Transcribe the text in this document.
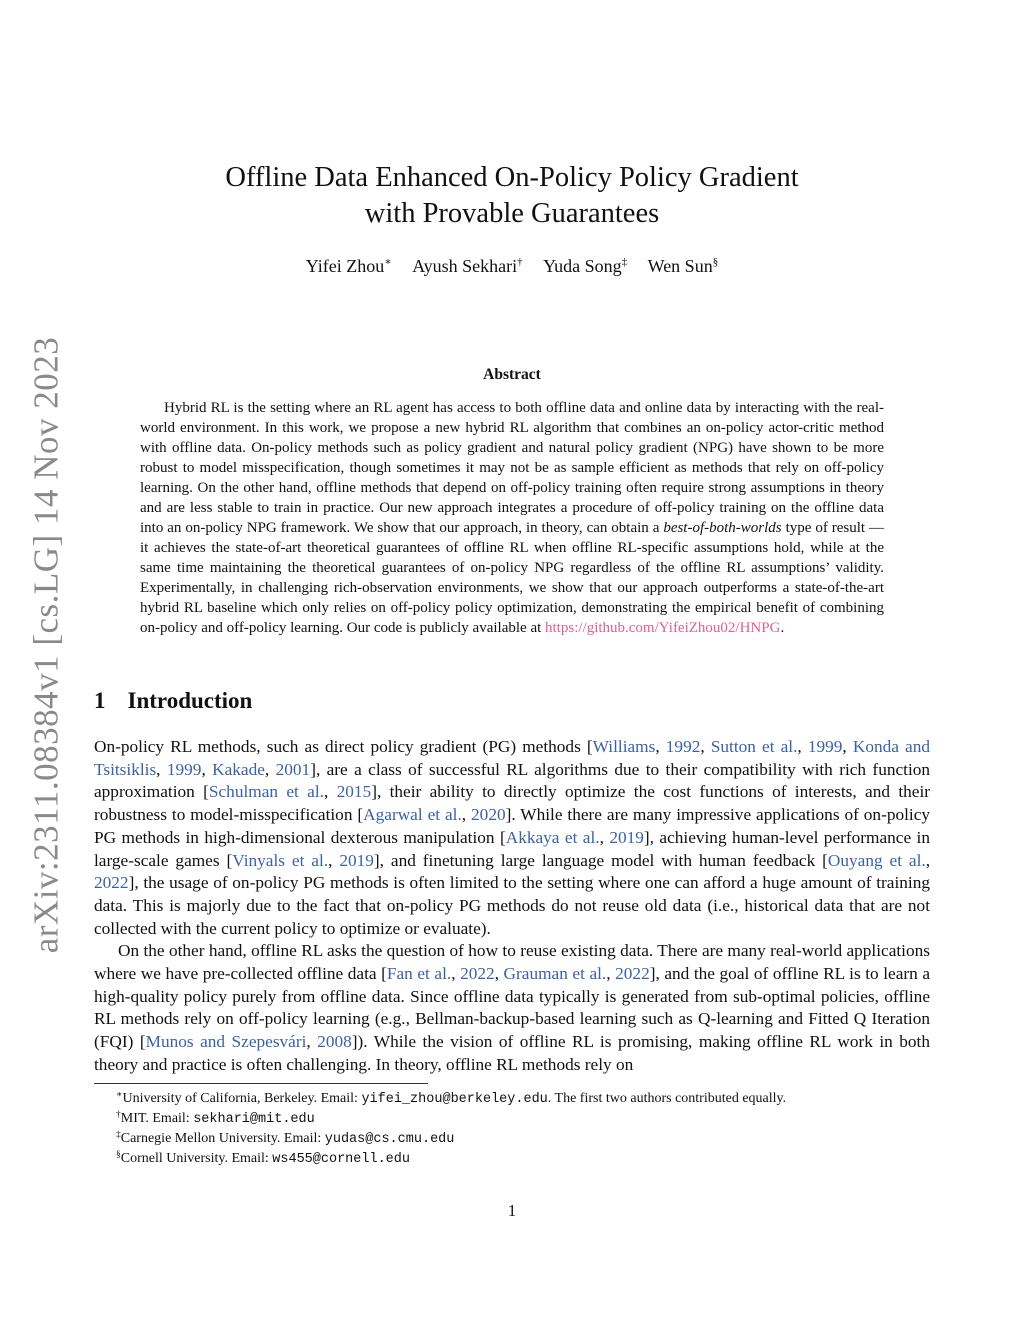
arXiv:2311.08384v1 [cs.LG] 14 Nov 2023
Offline Data Enhanced On-Policy Policy Gradient
with Provable Guarantees
Yifei Zhou∗ Ayush Sekhari† Yuda Song‡ Wen Sun§
Abstract

Hybrid RL is the setting where an RL agent has access to both offline data and online data by interacting with the real-world environment. In this work, we propose a new hybrid RL algorithm that combines an on-policy actor-critic method with offline data. On-policy methods such as policy gradient and natural policy gradient (NPG) have shown to be more robust to model misspecification, though sometimes it may not be as sample efficient as methods that rely on off-policy learning. On the other hand, offline methods that depend on off-policy training often require strong assumptions in theory and are less stable to train in practice. Our new approach integrates a procedure of off-policy training on the offline data into an on-policy NPG framework. We show that our approach, in theory, can obtain a best-of-both-worlds type of result — it achieves the state-of-art theoretical guarantees of offline RL when offline RL-specific assumptions hold, while at the same time maintaining the theoretical guarantees of on-policy NPG regardless of the offline RL assumptions’ validity. Experimentally, in challenging rich-observation environments, we show that our approach outperforms a state-of-the-art hybrid RL baseline which only relies on off-policy policy optimization, demonstrating the empirical benefit of combining on-policy and off-policy learning. Our code is publicly available at https://github.com/YifeiZhou02/HNPG.

1 Introduction

On-policy RL methods, such as direct policy gradient (PG) methods [Williams, 1992, Sutton et al., 1999, Konda and Tsitsiklis, 1999, Kakade, 2001], are a class of successful RL algorithms due to their compatibility with rich function approximation [Schulman et al., 2015], their ability to directly optimize the cost functions of interests, and their robustness to model-misspecification [Agarwal et al., 2020]. While there are many impressive applications of on-policy PG methods in high-dimensional dexterous manipulation [Akkaya et al., 2019], achieving human-level performance in large-scale games [Vinyals et al., 2019], and finetuning large language model with human feedback [Ouyang et al., 2022], the usage of on-policy PG methods is often limited to the setting where one can afford a huge amount of training data. This is majorly due to the fact that on-policy PG methods do not reuse old data (i.e., historical data that are not collected with the current policy to optimize or evaluate).

On the other hand, offline RL asks the question of how to reuse existing data. There are many real-world applications where we have pre-collected offline data [Fan et al., 2022, Grauman et al., 2022], and the goal of offline RL is to learn a high-quality policy purely from offline data. Since offline data typically is generated from sub-optimal policies, offline RL methods rely on off-policy learning (e.g., Bellman-backup-based learning such as Q-learning and Fitted Q Iteration (FQI) [Munos and Szepesvári, 2008]). While the vision of offline RL is promising, making offline RL work in both theory and practice is often challenging. In theory, offline RL methods rely on

∗University of California, Berkeley. Email: yifei_zhou@berkeley.edu. The first two authors contributed equally.
†MIT. Email: sekhari@mit.edu
‡Carnegie Mellon University. Email: yudas@cs.cmu.edu
§Cornell University. Email: ws455@cornell.edu
1
